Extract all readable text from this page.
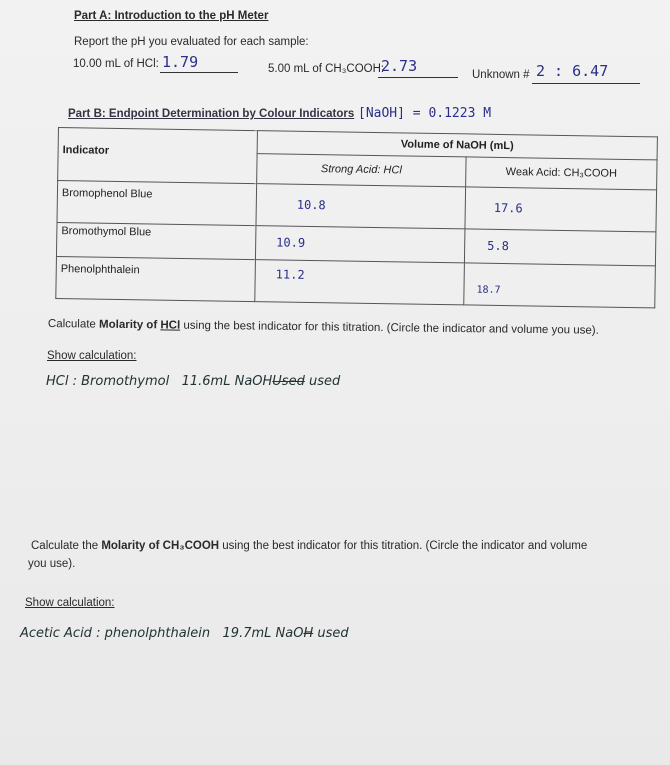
Part A: Introduction to the pH Meter
Report the pH you evaluated for each sample:
10.00 mL of HCl: 1.79	5.00 mL of CH₃COOH:
2.73	Unknown # 2 : 6.47
Part B: Endpoint Determination by Colour Indicators [NaOH] = 0.1223 M
Indicator	Volume of NaOH (mL)	
	Strong Acid: HCl	Weak Acid: CH₃COOH
Bromophenol Blue	10.8	17.6
Bromothymol Blue	10.9	5.8
Phenolphthalein	11.2	18.7
Calculate Molarity of HCl using the best indicator for this titration. (Circle the indicator and volume you use).
Show calculation:
HCl : Bromothymol 11.6mL NaOHUsed used
Calculate the Molarity of CH₃COOH using the best indicator for this titration. (Circle the indicator and volume
you use).
Show calculation:
Acetic Acid : phenolphthalein 19.7mL NaOH used
